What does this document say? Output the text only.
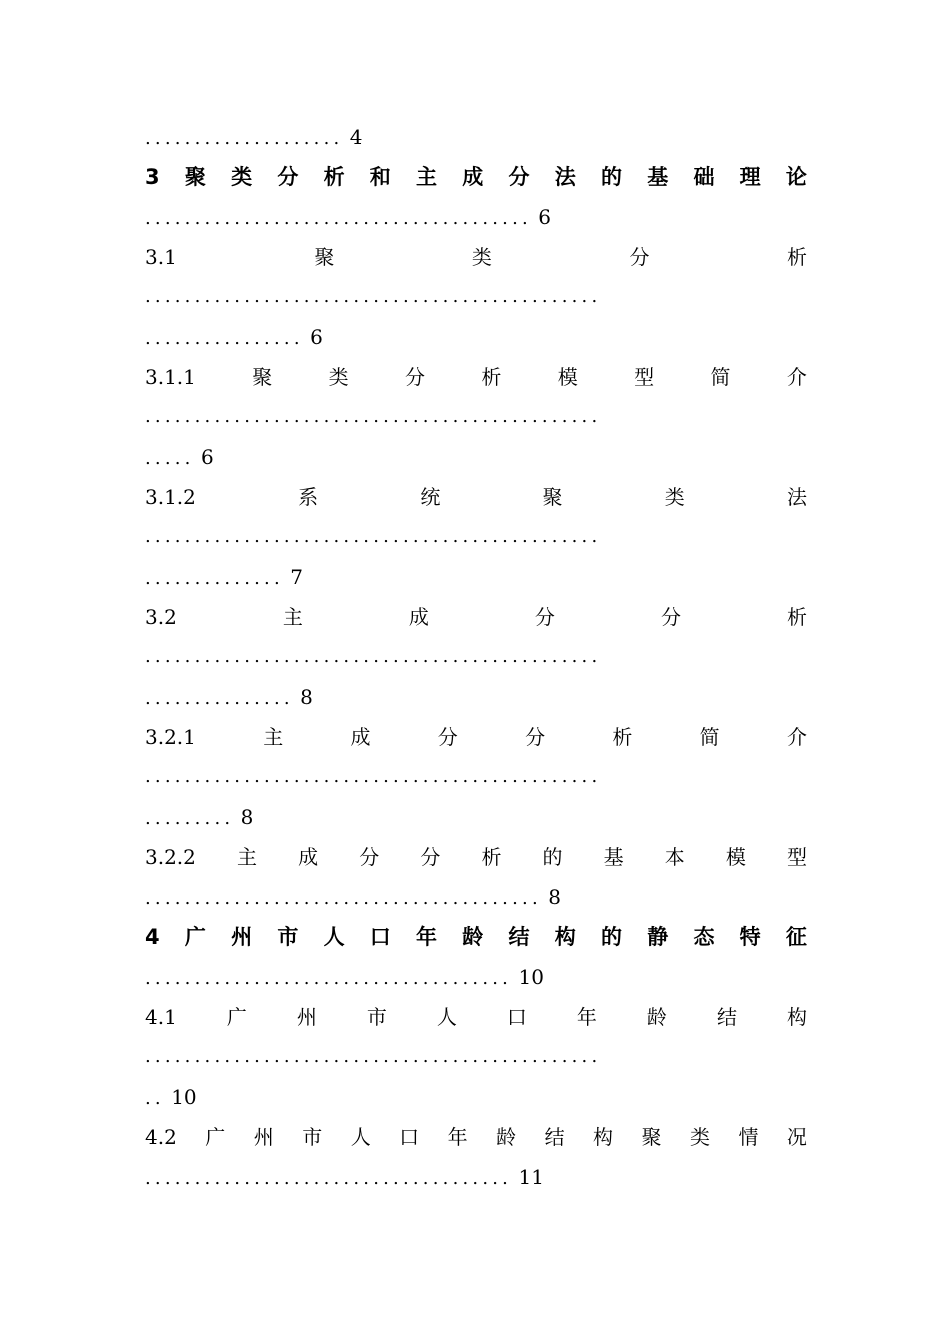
.................... 4
3 聚 类 分 析 和 主 成 分 法 的 基 础 理 论
....................................... 6
3.1	聚	类	分	析
..............................................
................ 6
3.1.1	聚	类	分	析	模	型	简	介
..............................................
..... 6
3.1.2	系	统	聚	类	法
..............................................
.............. 7
3.2	主	成	分	分	析
..............................................
............... 8
3.2.1	主	成	分	分	析	简	介
..............................................
......... 8
3.2.2 主 成 分 分 析 的 基 本 模 型
........................................ 8
4 广 州 市 人 口 年 龄 结 构 的 静 态 特 征
..................................... 10
4.1	广	州	市	人	口	年	龄	结	构
..............................................
.. 10
4.2 广 州 市 人 口 年 龄 结 构 聚 类 情 况
..................................... 11
